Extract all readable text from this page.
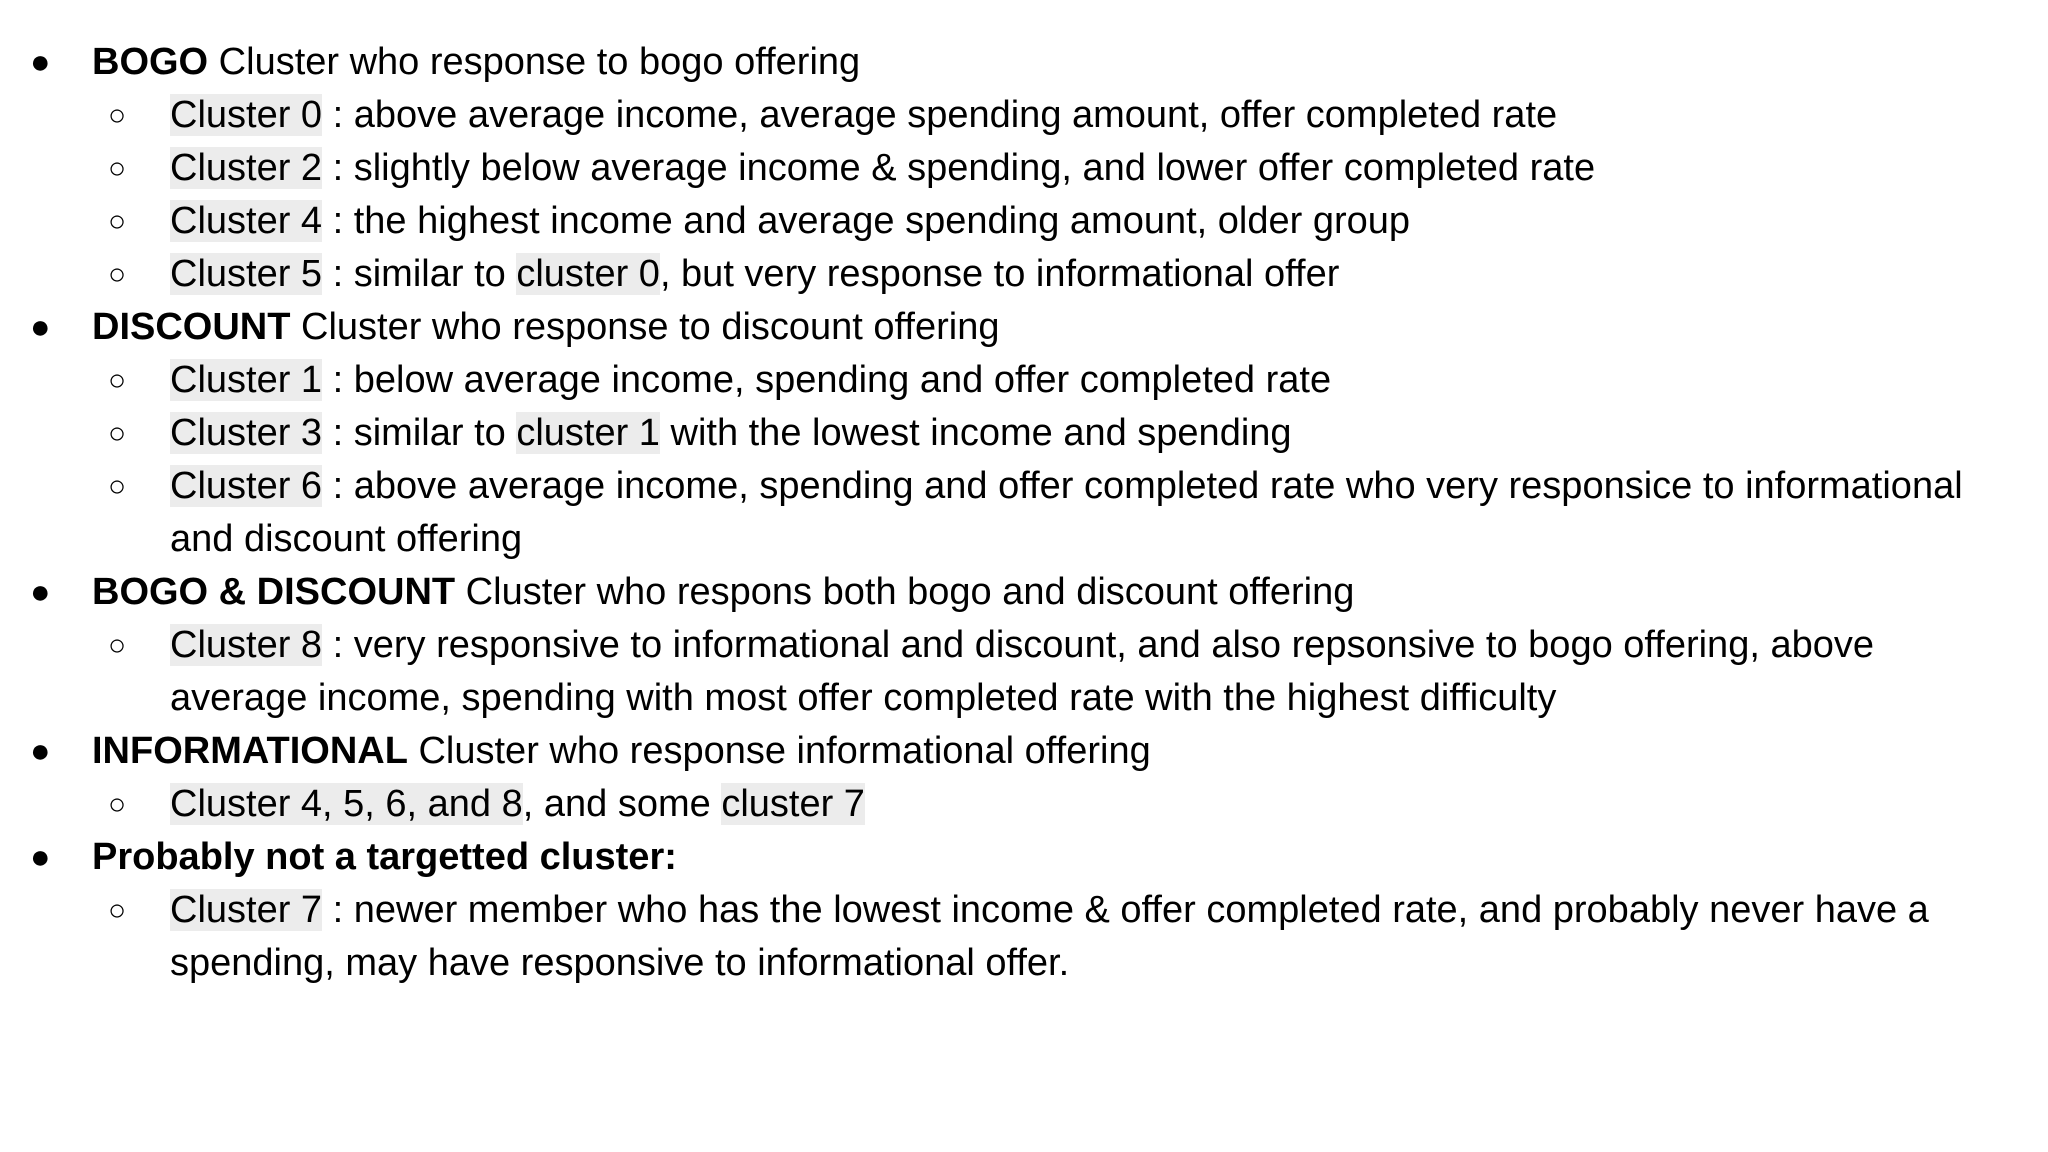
● BOGO Cluster who response to bogo offering
○	Cluster 0 : above average income, average spending amount, offer completed rate
○	Cluster 2 : slightly below average income & spending, and lower offer completed rate
○	Cluster 4 : the highest income and average spending amount, older group
○	Cluster 5 : similar to cluster 0, but very response to informational offer
● DISCOUNT Cluster who response to discount offering
○	Cluster 1 : below average income, spending and offer completed rate
○	Cluster 3 : similar to cluster 1 with the lowest income and spending
○	Cluster 6 : above average income, spending and offer completed rate who very responsice to informational and discount offering
● BOGO & DISCOUNT Cluster who respons both bogo and discount offering
○	Cluster 8 : very responsive to informational and discount, and also repsonsive to bogo offering, above average income, spending with most offer completed rate with the highest difficulty
● INFORMATIONAL Cluster who response informational offering
○	Cluster 4, 5, 6, and 8, and some cluster 7
● Probably not a targetted cluster:
○	Cluster 7 : newer member who has the lowest income & offer completed rate, and probably never have a spending, may have responsive to informational offer.
